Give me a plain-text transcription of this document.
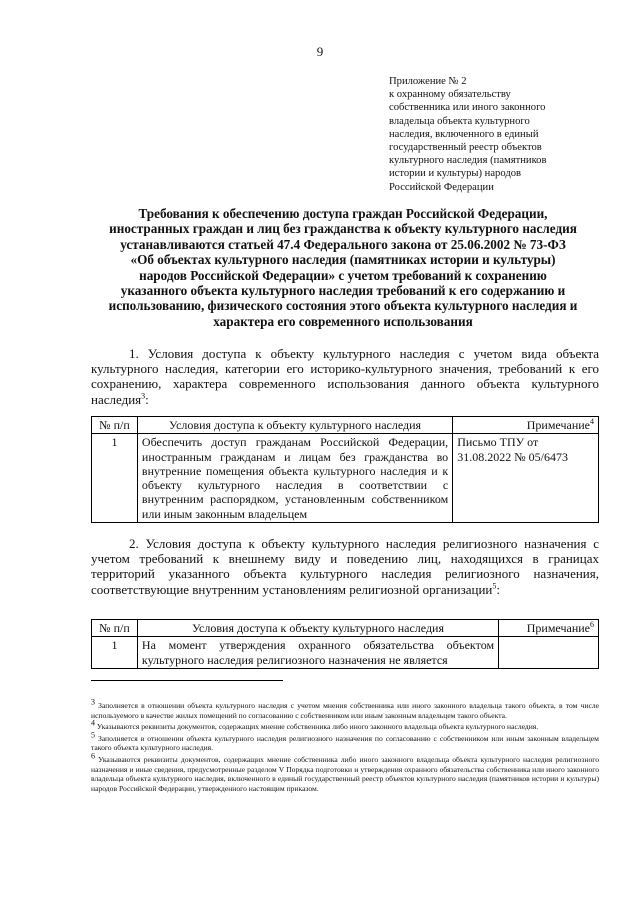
9
Приложение № 2
к охранному обязательству
собственника или иного законного
владельца объекта культурного
наследия, включенного в единый
государственный реестр объектов
культурного наследия (памятников
истории и культуры) народов
Российской Федерации
Требования к обеспечению доступа граждан Российской Федерации,
иностранных граждан и лиц без гражданства к объекту культурного наследия
устанавливаются статьей 47.4 Федерального закона от 25.06.2002 № 73-ФЗ
«Об объектах культурного наследия (памятниках истории и культуры)
народов Российской Федерации» с учетом требований к сохранению
указанного объекта культурного наследия требований к его содержанию и
использованию, физического состояния этого объекта культурного наследия и
характера его современного использования
1. Условия доступа к объекту культурного наследия с учетом вида объекта культурного наследия, категории его историко-культурного значения, требований к его сохранению, характера современного использования данного объекта культурного наследия$^3$:
№ п/п	Условия доступа к объекту культурного наследия	Примечание$^4$
1	Обеспечить доступ гражданам Российской Федерации, иностранным гражданам и лицам без гражданства во внутренние помещения объекта культурного наследия и к объекту культурного наследия в соответствии с внутренним распорядком, установленным собственником или иным законным владельцем	Письмо ТПУ от 31.08.2022 № 05/6473
2. Условия доступа к объекту культурного наследия религиозного назначения с учетом требований к внешнему виду и поведению лиц, находящихся в границах территорий указанного объекта культурного наследия религиозного назначения, соответствующие внутренним установлениям религиозной организации$^5$:
№ п/п	Условия доступа к объекту культурного наследия	Примечание$^6$
1	На момент утверждения охранного обязательства объектом культурного наследия религиозного назначения не является	

$^3$ Заполняется в отношении объекта культурного наследия с учетом мнения собственника или иного законного владельца такого объекта, в том числе используемого в качестве жилых помещений по согласованию с собственником или иным законным владельцем такого объекта.

$^4$ Указываются реквизиты документов, содержащих мнение собственника либо иного законного владельца объекта культурного наследия.

$^5$ Заполняется в отношении объекта культурного наследия религиозного назначения по согласованию с собственником или иным законным владельцем такого объекта культурного наследия.

$^6$ Указываются реквизиты документов, содержащих мнение собственника либо иного законного владельца объекта культурного наследия религиозного назначения и иные сведения, предусмотренные разделом V Порядка подготовки и утверждения охранного обязательства собственника или иного законного владельца объекта культурного наследия, включенного в единый государственный реестр объектов культурного наследия (памятников истории и культуры) народов Российской Федерации, утвержденного настоящим приказом.
